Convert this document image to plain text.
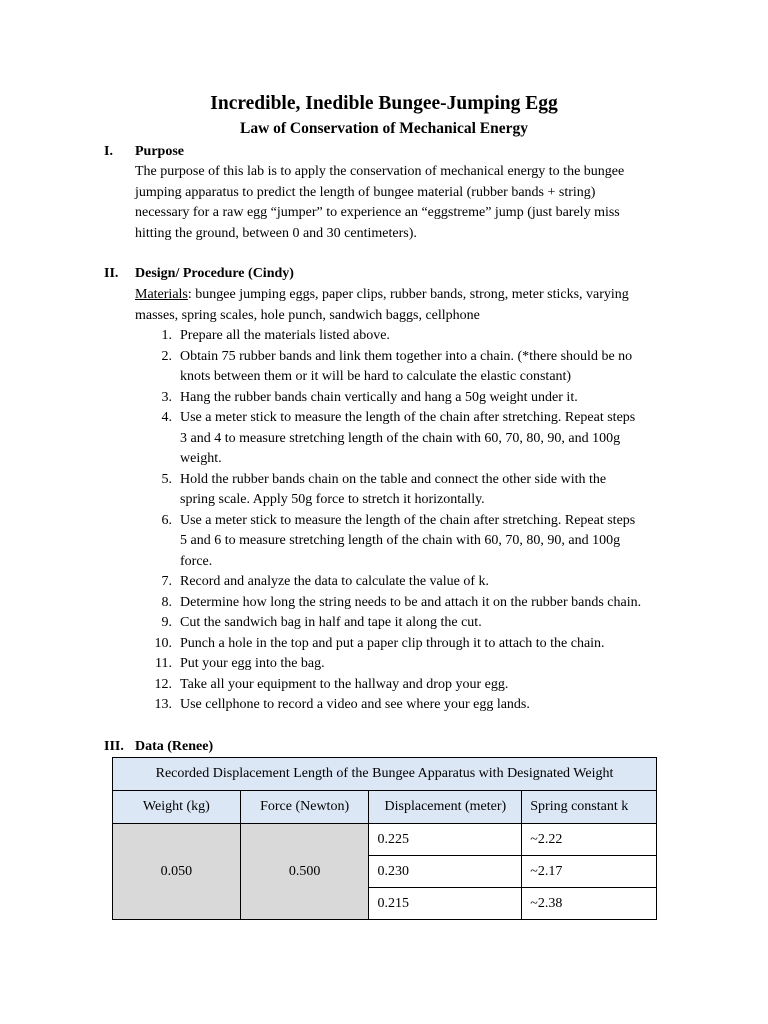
Incredible, Inedible Bungee-Jumping Egg
Law of Conservation of Mechanical Energy
I. Purpose
The purpose of this lab is to apply the conservation of mechanical energy to the bungee
jumping apparatus to predict the length of bungee material (rubber bands + string)
necessary for a raw egg “jumper” to experience an “eggstreme” jump (just barely miss
hitting the ground, between 0 and 30 centimeters).
II. Design/ Procedure (Cindy)
Materials: bungee jumping eggs, paper clips, rubber bands, strong, meter sticks, varying
masses, spring scales, hole punch, sandwich baggs, cellphone
1. Prepare all the materials listed above.
2. Obtain 75 rubber bands and link them together into a chain. (*there should be no
knots between them or it will be hard to calculate the elastic constant)
3. Hang the rubber bands chain vertically and hang a 50g weight under it.
4. Use a meter stick to measure the length of the chain after stretching. Repeat steps
3 and 4 to measure stretching length of the chain with 60, 70, 80, 90, and 100g
weight.
5. Hold the rubber bands chain on the table and connect the other side with the
spring scale. Apply 50g force to stretch it horizontally.
6. Use a meter stick to measure the length of the chain after stretching. Repeat steps
5 and 6 to measure stretching length of the chain with 60, 70, 80, 90, and 100g
force.
7. Record and analyze the data to calculate the value of k.
8. Determine how long the string needs to be and attach it on the rubber bands chain.
9. Cut the sandwich bag in half and tape it along the cut.
10. Punch a hole in the top and put a paper clip through it to attach to the chain.
11. Put your egg into the bag.
12. Take all your equipment to the hallway and drop your egg.
13. Use cellphone to record a video and see where your egg lands.
III. Data (Renee)
Recorded Displacement Length of the Bungee Apparatus with Designated Weight			
Weight (kg)	Force (Newton)	Displacement (meter)	Spring constant k
0.050	0.500	0.225	~2.22
		0.230	~2.17
		0.215	~2.38
